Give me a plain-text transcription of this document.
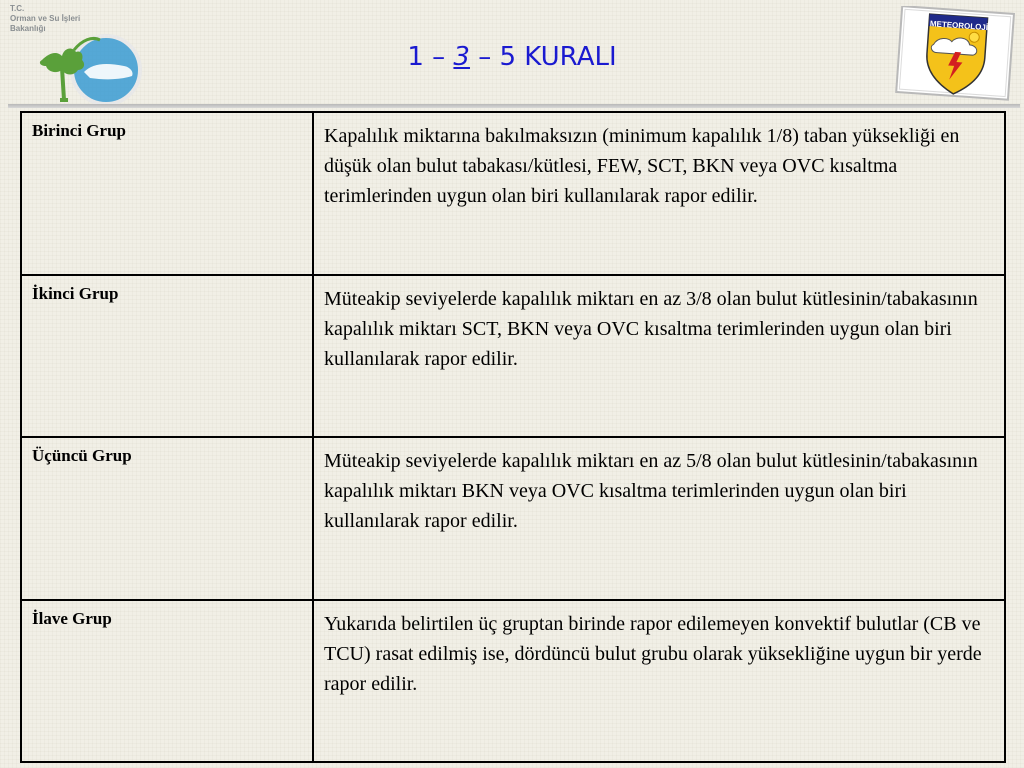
T.C.
Orman ve Su İşleri
Bakanlığı
1 – 3 – 5 KURALI
METEOROLOJİ
Birinci Grup	Kapalılık miktarına bakılmaksızın (minimum kapalılık 1/8) taban yüksekliği en düşük olan bulut tabakası/kütlesi, FEW, SCT, BKN veya OVC kısaltma terimlerinden uygun olan biri kullanılarak rapor edilir.
İkinci Grup	Müteakip seviyelerde kapalılık miktarı en az 3/8 olan bulut kütlesinin/tabakasının kapalılık miktarı SCT, BKN veya OVC kısaltma terimlerinden uygun olan biri kullanılarak rapor edilir.
Üçüncü Grup	Müteakip seviyelerde kapalılık miktarı en az 5/8 olan bulut kütlesinin/tabakasının kapalılık miktarı BKN veya OVC kısaltma terimlerinden uygun olan biri kullanılarak rapor edilir.
İlave Grup	Yukarıda belirtilen üç gruptan birinde rapor edilemeyen konvektif bulutlar (CB ve TCU) rasat edilmiş ise, dördüncü bulut grubu olarak yüksekliğine uygun bir yerde rapor edilir.
